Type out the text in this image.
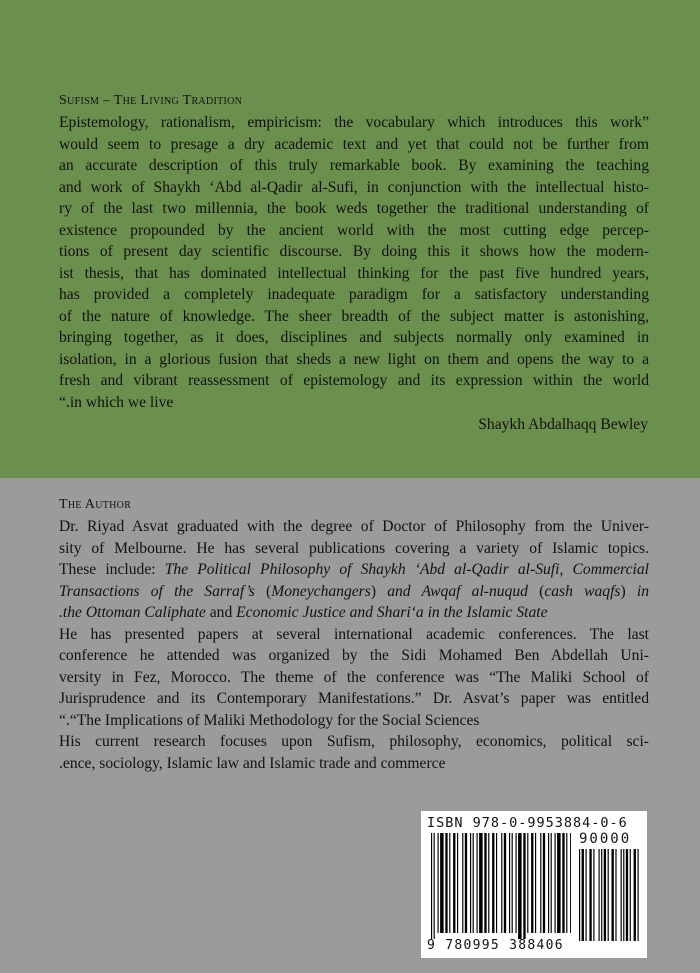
Sufism – The Living Tradition
Epistemology, rationalism, empiricism: the vocabulary which introduces this work”
would seem to presage a dry academic text and yet that could not be further from
an accurate description of this truly remarkable book. By examining the teaching
and work of Shaykh ‘Abd al-Qadir al-Sufi, in conjunction with the intellectual histo-
ry of the last two millennia, the book weds together the traditional understanding of
existence propounded by the ancient world with the most cutting edge percep-
tions of present day scientific discourse. By doing this it shows how the modern-
ist thesis, that has dominated intellectual thinking for the past five hundred years,
has provided a completely inadequate paradigm for a satisfactory understanding
of the nature of knowledge. The sheer breadth of the subject matter is astonishing,
bringing together, as it does, disciplines and subjects normally only examined in
isolation, in a glorious fusion that sheds a new light on them and opens the way to a
fresh and vibrant reassessment of epistemology and its expression within the world
“.in which we live
Shaykh Abdalhaqq Bewley
The Author
Dr. Riyad Asvat graduated with the degree of Doctor of Philosophy from the Univer-
sity of Melbourne. He has several publications covering a variety of Islamic topics.
These include: The Political Philosophy of Shaykh ‘Abd al-Qadir al-Sufi, Commercial
Transactions of the Sarraf’s (Moneychangers) and Awqaf al-nuqud (cash waqfs) in
.the Ottoman Caliphate and Economic Justice and Shari‘a in the Islamic State
He has presented papers at several international academic conferences. The last
conference he attended was organized by the Sidi Mohamed Ben Abdellah Uni-
versity in Fez, Morocco. The theme of the conference was “The Maliki School of
Jurisprudence and its Contemporary Manifestations.” Dr. Asvat’s paper was entitled
“.“The Implications of Maliki Methodology for the Social Sciences
His current research focuses upon Sufism, philosophy, economics, political sci-
.ence, sociology, Islamic law and Islamic trade and commerce
ISBN 978-0-9953884-0-6
90000
9 780995 388406
